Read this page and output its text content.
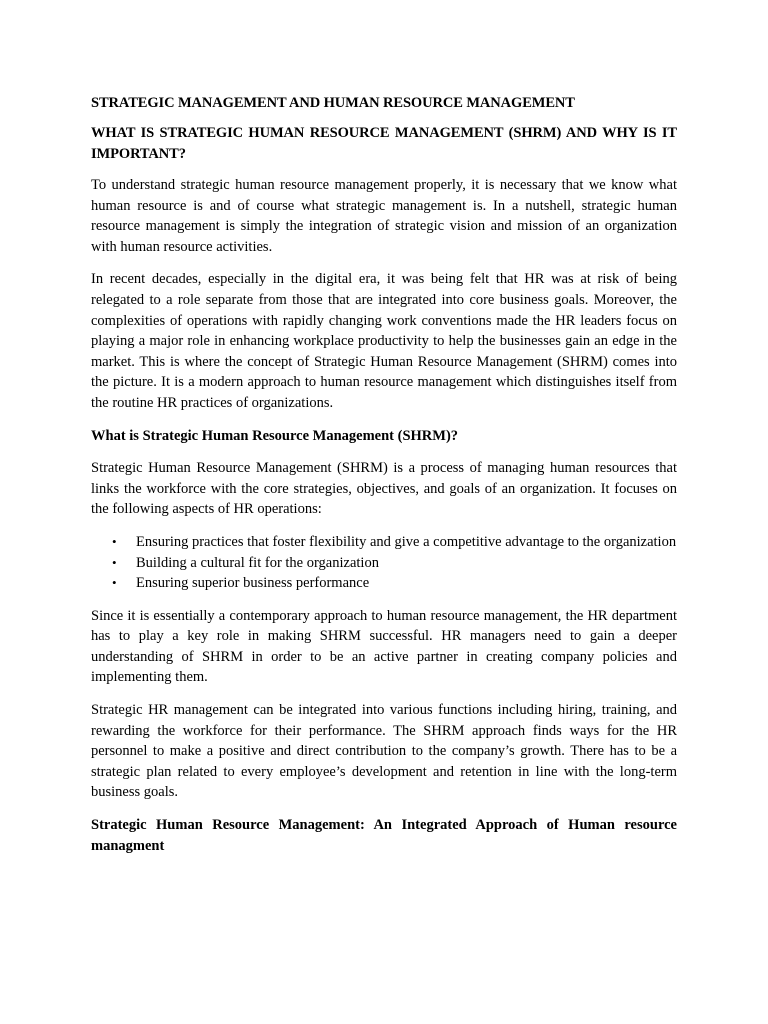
STRATEGIC MANAGEMENT AND HUMAN RESOURCE MANAGEMENT
WHAT IS STRATEGIC HUMAN RESOURCE MANAGEMENT (SHRM) AND WHY IS IT IMPORTANT?

To understand strategic human resource management properly, it is necessary that we know what human resource is and of course what strategic management is. In a nutshell, strategic human resource management is simply the integration of strategic vision and mission of an organization with human resource activities.

In recent decades, especially in the digital era, it was being felt that HR was at risk of being relegated to a role separate from those that are integrated into core business goals. Moreover, the complexities of operations with rapidly changing work conventions made the HR leaders focus on playing a major role in enhancing workplace productivity to help the businesses gain an edge in the market. This is where the concept of Strategic Human Resource Management (SHRM) comes into the picture. It is a modern approach to human resource management which distinguishes itself from the routine HR practices of organizations.

What is Strategic Human Resource Management (SHRM)?

Strategic Human Resource Management (SHRM) is a process of managing human resources that links the workforce with the core strategies, objectives, and goals of an organization. It focuses on the following aspects of HR operations:

• Ensuring practices that foster flexibility and give a competitive advantage to the organization
• Building a cultural fit for the organization
• Ensuring superior business performance

Since it is essentially a contemporary approach to human resource management, the HR department has to play a key role in making SHRM successful. HR managers need to gain a deeper understanding of SHRM in order to be an active partner in creating company policies and implementing them.

Strategic HR management can be integrated into various functions including hiring, training, and rewarding the workforce for their performance. The SHRM approach finds ways for the HR personnel to make a positive and direct contribution to the company’s growth. There has to be a strategic plan related to every employee’s development and retention in line with the long-term business goals.

Strategic Human Resource Management: An Integrated Approach of Human resource managment
